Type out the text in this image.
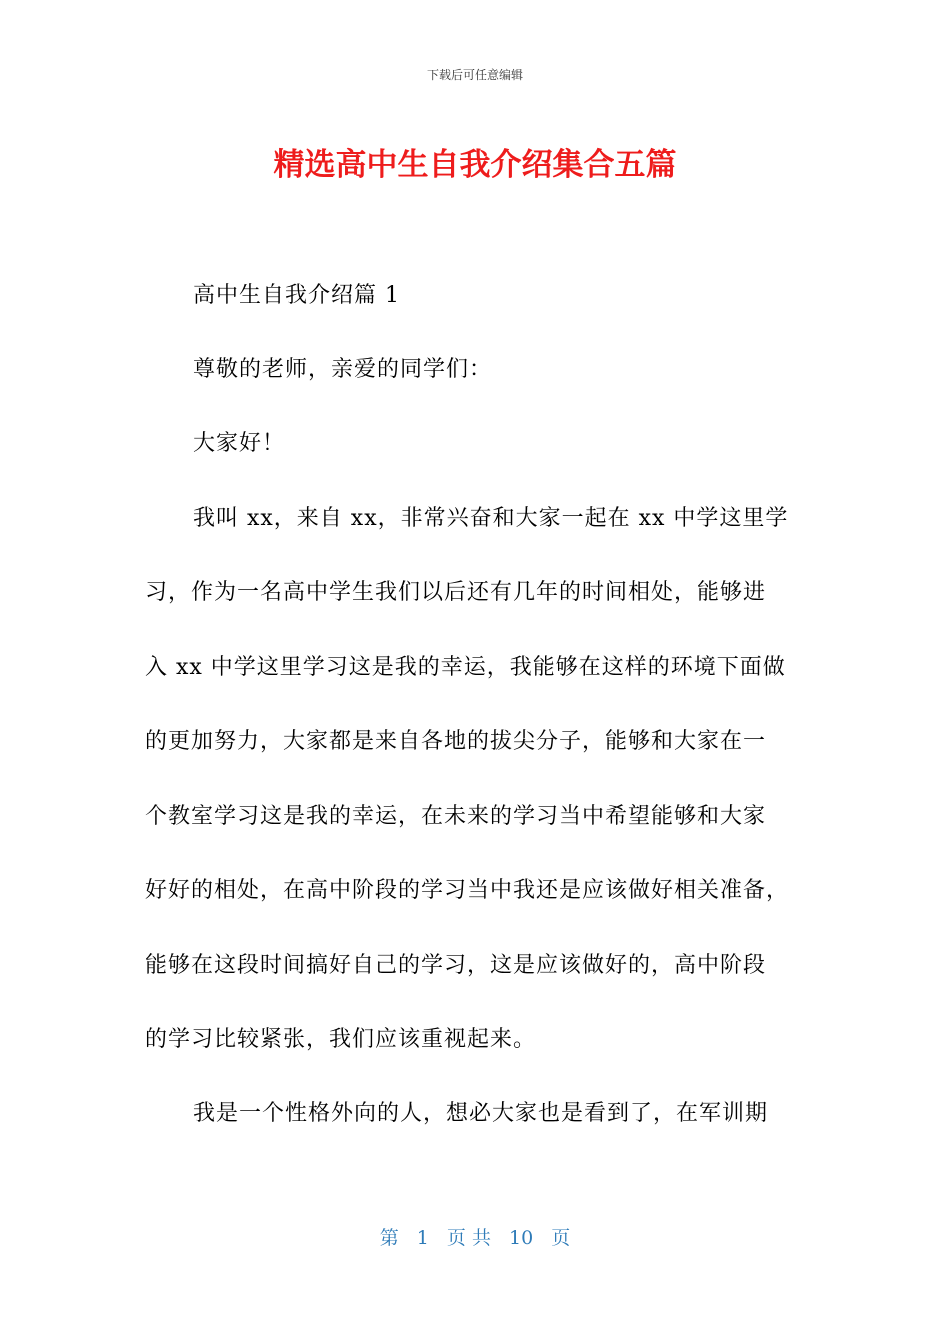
下载后可任意编辑
精选高中生自我介绍集合五篇
高中生自我介绍篇 1
尊敬的老师，亲爱的同学们：
大家好！
我叫 xx，来自 xx，非常兴奋和大家一起在 xx 中学这里学
习，作为一名高中学生我们以后还有几年的时间相处，能够进
入 xx 中学这里学习这是我的幸运，我能够在这样的环境下面做
的更加努力，大家都是来自各地的拔尖分子，能够和大家在一
个教室学习这是我的幸运，在未来的学习当中希望能够和大家
好好的相处，在高中阶段的学习当中我还是应该做好相关准备，
能够在这段时间搞好自己的学习，这是应该做好的，高中阶段
的学习比较紧张，我们应该重视起来。
我是一个性格外向的人，想必大家也是看到了，在军训期
第 1 页 共 10 页
